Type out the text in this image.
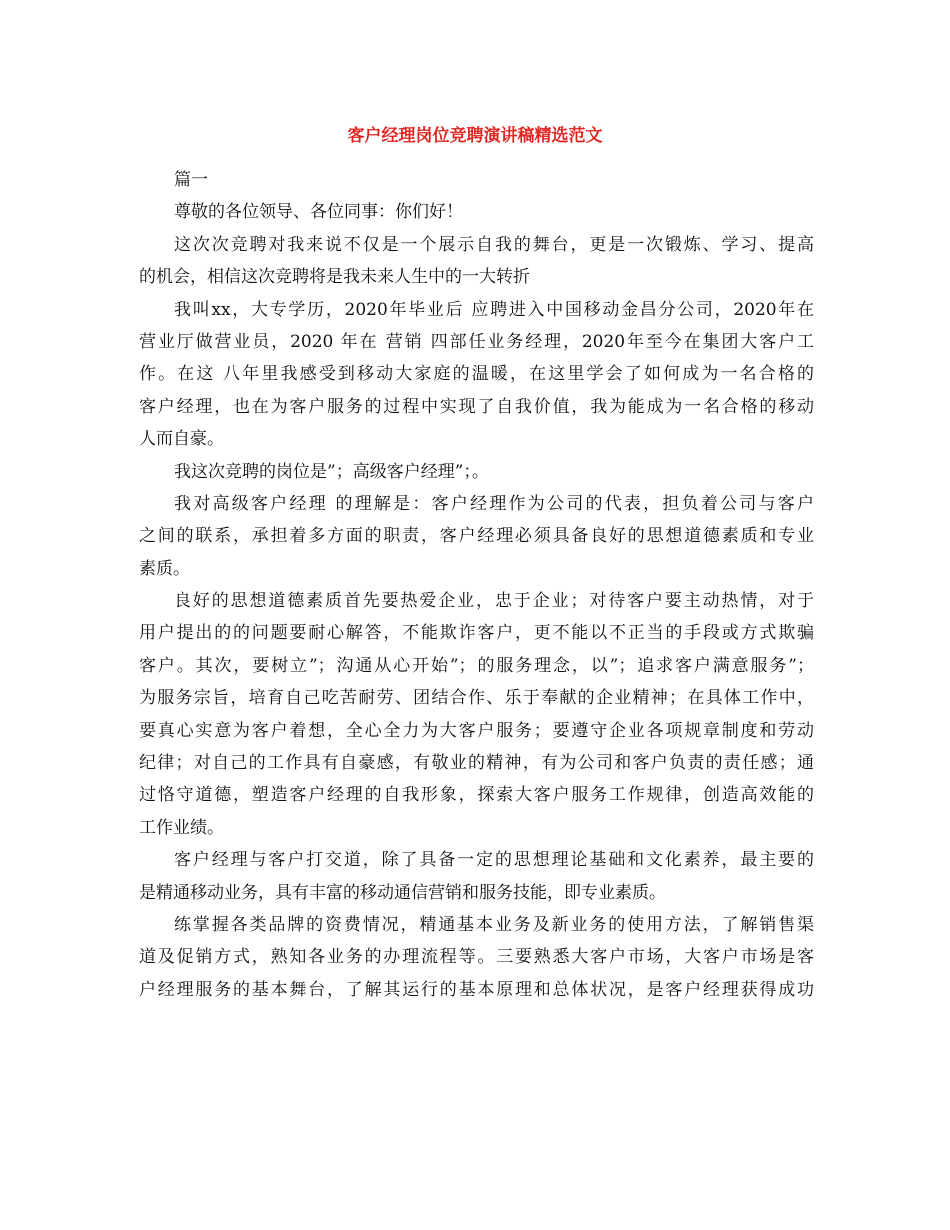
客户经理岗位竞聘演讲稿精选范文
篇一
尊敬的各位领导、各位同事：你们好！
这次次竞聘对我来说不仅是一个展示自我的舞台，更是一次锻炼、学习、提高
的机会，相信这次竞聘将是我未来人生中的一大转折
我叫xx，大专学历，2020年毕业后 应聘进入中国移动金昌分公司，2020年在
营业厅做营业员，2020 年在 营销 四部任业务经理，2020年至今在集团大客户工
作。在这 八年里我感受到移动大家庭的温暖，在这里学会了如何成为一名合格的
客户经理，也在为客户服务的过程中实现了自我价值，我为能成为一名合格的移动
人而自豪。
我这次竞聘的岗位是”；高级客户经理”；。
我对高级客户经理 的理解是：客户经理作为公司的代表，担负着公司与客户
之间的联系，承担着多方面的职责，客户经理必须具备良好的思想道德素质和专业
素质。
良好的思想道德素质首先要热爱企业，忠于企业；对待客户要主动热情，对于
用户提出的的问题要耐心解答，不能欺诈客户，更不能以不正当的手段或方式欺骗
客户。其次，要树立”；沟通从心开始”；的服务理念，以”；追求客户满意服务”；
为服务宗旨，培育自己吃苦耐劳、团结合作、乐于奉献的企业精神；在具体工作中，
要真心实意为客户着想，全心全力为大客户服务；要遵守企业各项规章制度和劳动
纪律；对自己的工作具有自豪感，有敬业的精神，有为公司和客户负责的责任感；通
过恪守道德，塑造客户经理的自我形象，探索大客户服务工作规律，创造高效能的
工作业绩。
客户经理与客户打交道，除了具备一定的思想理论基础和文化素养，最主要的
是精通移动业务，具有丰富的移动通信营销和服务技能，即专业素质。
练掌握各类品牌的资费情况，精通基本业务及新业务的使用方法，了解销售渠
道及促销方式，熟知各业务的办理流程等。三要熟悉大客户市场，大客户市场是客
户经理服务的基本舞台，了解其运行的基本原理和总体状况，是客户经理获得成功
